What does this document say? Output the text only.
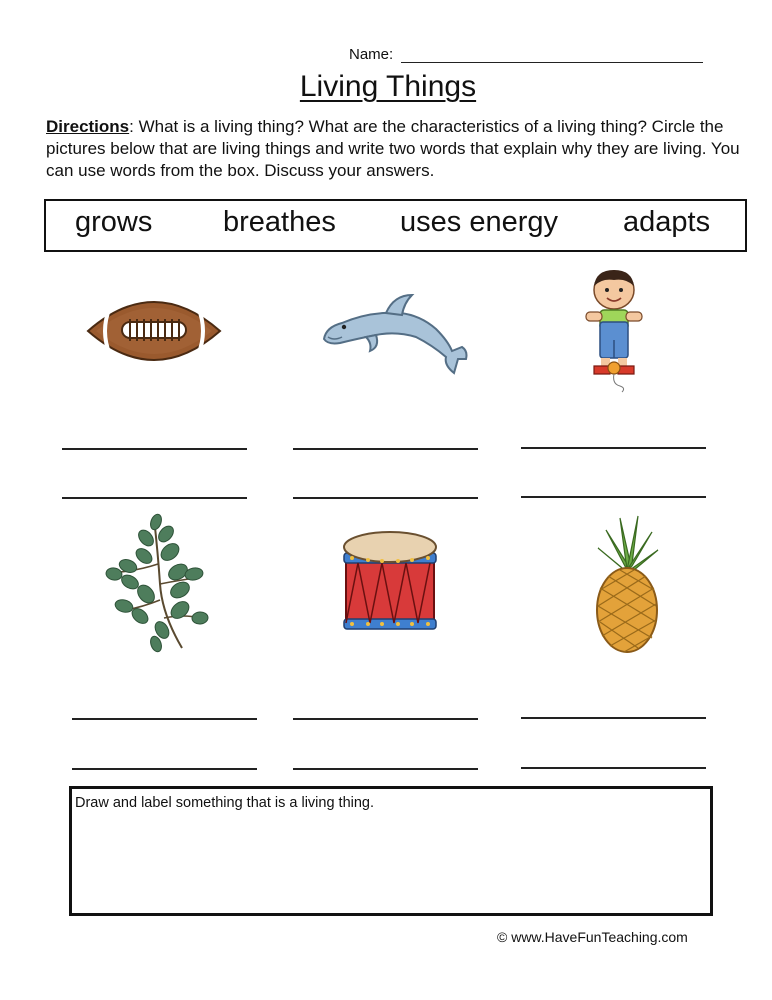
Name:
Living Things
Directions: What is a living thing? What are the characteristics of a living thing? Circle the pictures below that are living things and write two words that explain why they are living. You can use words from the box. Discuss your answers.
grows breathes uses energy adapts
Draw and label something that is a living thing.
© www.HaveFunTeaching.com
